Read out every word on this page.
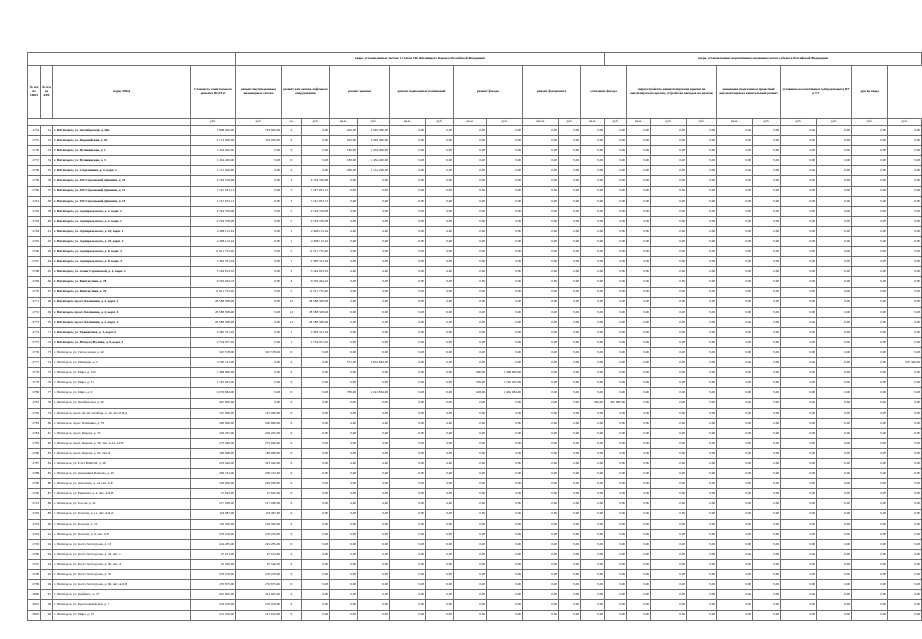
				виды, установленные частью 1 статьи 166 Жилищного Кодекса Российской Федерации												виды, установленные нормативным правовым актом субъекта Российской Федерации									
№ п/п по ПКП	№ п/п по АБТ	Адрес МКД	Стоимость капитального ремонта ВСЕГО	ремонт внутридомовых инженерных систем	ремонт или замена лифтового оборудования		ремонт крыши		ремонт подвальных помещений		ремонт фасада		ремонт фундамента		утепление фасада		(переустройство невентилируемой крыши на вентилируемую крышу, устройство выходов на кровлю			изменение (подготовка) проектной документации на капитальный ремонт		установка коллективных (общедомовых) ПУ и УУ		другие виды	
			руб.	руб.	ед.	руб.	кв.м.	руб.	кв.м.	руб.	кв.м.	руб.	куб.м.	руб.	кв.м.	руб.	кв.м.	руб.	руб.	кв.м.	руб.	руб.	руб.	руб.	руб.
2754	51	г. Пятигорск, ул. Октябрьская, д. 58а	1 898 400,00	763 600,00	0	0,00	200,00	2 595 300,00	0,00	0,00	0,00	0,00	0,00	0,00	0,00	0,00	0,00	0,00	0,00	0,00	0,00	0,00	0,00	0,00	0,00
2755	52	г. Пятигорск, ул. Перенайская, д. 67	2 713 600,00	319 200,00	0	0,00	295,00	2 393 400,00	0,00	0,00	0,00	0,00	0,00	0,00	0,00	0,00	0,00	0,00	0,00	0,00	0,00	0,00	0,00	0,00	0,00
2756	53	г. Пятигорск, ул. Пушкинская, д. 1	1 454 400,00	0,00	0	0,00	180,00	1 454 400,00	0,00	0,00	0,00	0,00	0,00	0,00	0,00	0,00	0,00	0,00	0,00	0,00	0,00	0,00	0,00	0,00	0,00
2757	54	г. Пятигорск, ул. Пушкинская, д. 3	1 454 400,00	0,00	0	0,00	180,00	1 454 400,00	0,00	0,00	0,00	0,00	0,00	0,00	0,00	0,00	0,00	0,00	0,00	0,00	0,00	0,00	0,00	0,00	0,00
2758	55	г. Пятигорск, ул. Спортивная, д. 4, корп. 1	1 131 200,00	0,00	0	0,00	280,00	1 131 200,00	0,00	0,00	0,00	0,00	0,00	0,00	0,00	0,00	0,00	0,00	0,00	0,00	0,00	0,00	0,00	0,00	0,00
2759	56	г. Пятигорск, ул. 295 Стрелковой Дивизии, д. 10	4 794 709,08	0,00	2	4 794 709,08	0,00	0,00	0,00	0,00	0,00	0,00	0,00	0,00	0,00	0,00	0,00	0,00	0,00	0,00	0,00	0,00	0,00	0,00	0,00
2760	57	г. Пятигорск, ул. 295 Стрелковой Дивизии, д. 12	7 147 053,13	0,00	3	7 147 053,13	0,00	0,00	0,00	0,00	0,00	0,00	0,00	0,00	0,00	0,00	0,00	0,00	0,00	0,00	0,00	0,00	0,00	0,00	0,00
2761	58	г. Пятигорск, ул. 295 Стрелковой Дивизии, д. 14	7 147 053,13	0,00	3	7 147 053,13	0,00	0,00	0,00	0,00	0,00	0,00	0,00	0,00	0,00	0,00	0,00	0,00	0,00	0,00	0,00	0,00	0,00	0,00	0,00
2762	59	г. Пятигорск, ул. Адмиральского, д. 2, корп. 2	4 794 709,08	0,00	2	4 794 709,08	0,00	0,00	0,00	0,00	0,00	0,00	0,00	0,00	0,00	0,00	0,00	0,00	0,00	0,00	0,00	0,00	0,00	0,00	0,00
2763	60	г. Пятигорск, ул. Адмиральского, д. 2, корп. 1	4 794 709,08	0,00	2	4 794 709,08	0,00	0,00	0,00	0,00	0,00	0,00	0,00	0,00	0,00	0,00	0,00	0,00	0,00	0,00	0,00	0,00	0,00	0,00	0,00
2764	61	г. Пятигорск, ул. Адмиральского, д. 25, корп. 1	2 468 115,24	0,00	1	2 468 115,24	0,00	0,00	0,00	0,00	0,00	0,00	0,00	0,00	0,00	0,00	0,00	0,00	0,00	0,00	0,00	0,00	0,00	0,00	0,00
2765	62	г. Пятигорск, ул. Адмиральского, д. 25, корп. 2	2 468 115,24	0,00	1	2 468 115,24	0,00	0,00	0,00	0,00	0,00	0,00	0,00	0,00	0,00	0,00	0,00	0,00	0,00	0,00	0,00	0,00	0,00	0,00	0,00
2766	63	г. Пятигорск, ул. Адмиральского, д. 8, корп. 3	11 911 755,20	0,00	5	11 911 755,20	0,00	0,00	0,00	0,00	0,00	0,00	0,00	0,00	0,00	0,00	0,00	0,00	0,00	0,00	0,00	0,00	0,00	0,00	0,00
2767	64	г. Пятигорск, ул. Адмиральского, д. 8, корп. 4	2 382 351,04	0,00	1	2 382 351,04	0,00	0,00	0,00	0,00	0,00	0,00	0,00	0,00	0,00	0,00	0,00	0,00	0,00	0,00	0,00	0,00	0,00	0,00	0,00
2768	65	г. Пятигорск, ул. Алаш Строевской, д. 2, корп. 2	5 164 053,10	0,00	2	5 164 053,10	0,00	0,00	0,00	0,00	0,00	0,00	0,00	0,00	0,00	0,00	0,00	0,00	0,00	0,00	0,00	0,00	0,00	0,00	0,00
2769	66	г. Пятигорск, ул. Бештаучная, д. 78	9 529 404,16	0,00	4	9 529 404,16	0,00	0,00	0,00	0,00	0,00	0,00	0,00	0,00	0,00	0,00	0,00	0,00	0,00	0,00	0,00	0,00	0,00	0,00	0,00
2770	67	г. Пятигорск, ул. Бештаучная, д. 76	11 911 755,20	0,00	5	11 911 755,20	0,00	0,00	0,00	0,00	0,00	0,00	0,00	0,00	0,00	0,00	0,00	0,00	0,00	0,00	0,00	0,00	0,00	0,00	0,00
2771	68	г. Пятигорск, пр-кт. Калинина, д. 2, корп. 3	28 588 308,48	0,00	12	28 588 308,48	0,00	0,00	0,00	0,00	0,00	0,00	0,00	0,00	0,00	0,00	0,00	0,00	0,00	0,00	0,00	0,00	0,00	0,00	0,00
2772	69	г. Пятигорск, пр-кт. Калинина, д. 2, корп. 4	28 588 308,48	0,00	12	28 588 308,48	0,00	0,00	0,00	0,00	0,00	0,00	0,00	0,00	0,00	0,00	0,00	0,00	0,00	0,00	0,00	0,00	0,00	0,00	0,00
2773	70	г. Пятигорск, пр-кт. Калинина, д. 2, корп. 2	28 588 308,48	0,00	12	28 588 308,48	0,00	0,00	0,00	0,00	0,00	0,00	0,00	0,00	0,00	0,00	0,00	0,00	0,00	0,00	0,00	0,00	0,00	0,00	0,00
2774	71	г. Пятигорск, ул. Транзитная, д. 3, корп. 6	2 382 351,04	0,00	1	2 382 351,04	0,00	0,00	0,00	0,00	0,00	0,00	0,00	0,00	0,00	0,00	0,00	0,00	0,00	0,00	0,00	0,00	0,00	0,00	0,00
2775	72	г. Пятигорск, ул. Юлиуса Фучика, д. 8, корп. 2	2 734 057,02	0,00	1	2 734 057,02	0,00	0,00	0,00	0,00	0,00	0,00	0,00	0,00	0,00	0,00	0,00	0,00	0,00	0,00	0,00	0,00	0,00	0,00	0,00
2776	73	г. Пятигорск, ул. Теплосерная, д. 42	325 578,00	325 578,00	0	0,00	0,00	0,00	0,00	0,00	0,00	0,00	0,00	0,00	0,00	0,00	0,00	0,00	0,00	0,00	0,00	0,00	0,00	0,00	0,00
2777	74	г. Пятигорск, ул. Матвеева, д. 3	3 790 313,00	0,00	0	0,00	751,00	2 852 864,00	0,00	0,00	0,00	0,00	0,00	0,00	0,00	0,00	0,00	0,00	0,00	0,00	0,00	0,00	0,00	0,00	937 449,00
2778	75	г. Пятигорск, ул. Мира, д. 134	1 368 800,00	0,00	0	0,00	0,00	0,00	0,00	0,00	580,00	1 368 800,00	0,00	0,00	0,00	0,00	0,00	0,00	0,00	0,00	0,00	0,00	0,00	0,00	0,00
2779	76	г. Пятигорск, ул. Мира, д. 51	1 795 625,00	0,00	0	0,00	0,00	0,00	0,00	0,00	536,00	1 795 625,00	0,00	0,00	0,00	0,00	0,00	0,00	0,00	0,00	0,00	0,00	0,00	0,00	0,00
2780	77	г. Пятигорск, ул. Мира, д. 9	4 676 864,00	0,00	0	0,00	780,00	2 221 864,00	0,00	0,00	428,00	1 462 084,00	0,00	0,00	0,00	0,00	0,00	0,00	0,00	0,00	0,00	0,00	0,00	0,00	0,00
2781	78	г. Пятигорск, ул. Октябрьская, д. 20	467 800,00	0,00	0	0,00	0,00	0,00	0,00	0,00	0,00	0,00	0,00	0,00	300,00	467 800,00	0,00	0,00	0,00	0,00	0,00	0,00	0,00	0,00	0,00
2782	79	г. Пятигорск, пр-кт. 40 лет Октября, д. 10, лит. Б,В,Д	161 060,00	161 060,00	0	0,00	0,00	0,00	0,00	0,00	0,00	0,00	0,00	0,00	0,00	0,00	0,00	0,00	0,00	0,00	0,00	0,00	0,00	0,00	0,00
2783	80	г. Пятигорск, пр-кт. Калинина, д. 79	200 996,00	200 996,00	0	0,00	0,00	0,00	0,00	0,00	0,00	0,00	0,00	0,00	0,00	0,00	0,00	0,00	0,00	0,00	0,00	0,00	0,00	0,00	0,00
2784	81	г. Пятигорск, пр-кт. Кирова, д. 35	226 205,00	226 205,00	0	0,00	0,00	0,00	0,00	0,00	0,00	0,00	0,00	0,00	0,00	0,00	0,00	0,00	0,00	0,00	0,00	0,00	0,00	0,00	0,00
2785	82	г. Пятигорск, пр-кт. Кирова, д. 58, лит. А,А1,А2,В	275 946,00	275 946,00	0	0,00	0,00	0,00	0,00	0,00	0,00	0,00	0,00	0,00	0,00	0,00	0,00	0,00	0,00	0,00	0,00	0,00	0,00	0,00	0,00
2786	83	г. Пятигорск, пр-кт. Кирова, д. 63, лит. Б	180 968,00	180 968,00	0	0,00	0,00	0,00	0,00	0,00	0,00	0,00	0,00	0,00	0,00	0,00	0,00	0,00	0,00	0,00	0,00	0,00	0,00	0,00	0,00
2787	84	г. Пятигорск, ул. 8 лет ВЛКСМ, д. 48	223 440,00	223 440,00	0	0,00	0,00	0,00	0,00	0,00	0,00	0,00	0,00	0,00	0,00	0,00	0,00	0,00	0,00	0,00	0,00	0,00	0,00	0,00	0,00
2788	85	г. Пятигорск, ул. Академика Павлова, д. 20	206 722,00	206 722,00	0	0,00	0,00	0,00	0,00	0,00	0,00	0,00	0,00	0,00	0,00	0,00	0,00	0,00	0,00	0,00	0,00	0,00	0,00	0,00	0,00
2789	86	г. Пятигорск, ул. Антонова, д. 14, лит. А,Б	226 936,00	226 936,00	0	0,00	0,00	0,00	0,00	0,00	0,00	0,00	0,00	0,00	0,00	0,00	0,00	0,00	0,00	0,00	0,00	0,00	0,00	0,00	0,00
2790	87	г. Пятигорск, ул. Брянская, д. 4, лит. А,Б,В	27 645,00	27 645,00	0	0,00	0,00	0,00	0,00	0,00	0,00	0,00	0,00	0,00	0,00	0,00	0,00	0,00	0,00	0,00	0,00	0,00	0,00	0,00	0,00
2791	88	г. Пятигорск, ул. Гоголя, д. 24	217 280,00	217 280,00	0	0,00	0,00	0,00	0,00	0,00	0,00	0,00	0,00	0,00	0,00	0,00	0,00	0,00	0,00	0,00	0,00	0,00	0,00	0,00	0,00
2792	89	г. Пятигорск, ул. Козлова, д. 11, лит. А,Б,Д	118 487,00	118 487,00	0	0,00	0,00	0,00	0,00	0,00	0,00	0,00	0,00	0,00	0,00	0,00	0,00	0,00	0,00	0,00	0,00	0,00	0,00	0,00	0,00
2793	90	г. Пятигорск, ул. Козлова, д. 53	126 500,00	126 500,00	0	0,00	0,00	0,00	0,00	0,00	0,00	0,00	0,00	0,00	0,00	0,00	0,00	0,00	0,00	0,00	0,00	0,00	0,00	0,00	0,00
2794	91	г. Пятигорск, ул. Козлова, д. 9, лит. А,Б	276 476,00	276 476,00	0	0,00	0,00	0,00	0,00	0,00	0,00	0,00	0,00	0,00	0,00	0,00	0,00	0,00	0,00	0,00	0,00	0,00	0,00	0,00	0,00
2795	92	г. Пятигорск, ул. Коста Хетагурова, д. 13	224 285,00	224 285,00	0	0,00	0,00	0,00	0,00	0,00	0,00	0,00	0,00	0,00	0,00	0,00	0,00	0,00	0,00	0,00	0,00	0,00	0,00	0,00	0,00
2796	93	г. Пятигорск, ул. Коста Хетагурова, д. 24, лит. а	27 013,00	27 013,00	0	0,00	0,00	0,00	0,00	0,00	0,00	0,00	0,00	0,00	0,00	0,00	0,00	0,00	0,00	0,00	0,00	0,00	0,00	0,00	0,00
2797	94	г. Пятигорск, ул. Коста Хетагурова, д. 30, лит. А	67 546,00	67 546,00	0	0,00	0,00	0,00	0,00	0,00	0,00	0,00	0,00	0,00	0,00	0,00	0,00	0,00	0,00	0,00	0,00	0,00	0,00	0,00	0,00
2798	95	г. Пятигорск, ул. Коста Хетагурова, д. 35	276 478,00	276 478,00	0	0,00	0,00	0,00	0,00	0,00	0,00	0,00	0,00	0,00	0,00	0,00	0,00	0,00	0,00	0,00	0,00	0,00	0,00	0,00	0,00
2799	96	г. Пятигорск, ул. Коста Хетагурова, д. 60, лит. А,Б,В	276 875,00	276 875,00	0	0,00	0,00	0,00	0,00	0,00	0,00	0,00	0,00	0,00	0,00	0,00	0,00	0,00	0,00	0,00	0,00	0,00	0,00	0,00	0,00
2800	97	г. Пятигорск, ул. Крайнего, д. 37	201 605,00	201 605,00	0	0,00	0,00	0,00	0,00	0,00	0,00	0,00	0,00	0,00	0,00	0,00	0,00	0,00	0,00	0,00	0,00	0,00	0,00	0,00	0,00
2801	98	г. Пятигорск, ул. Красноармейская, д. 7	276 478,00	276 478,00	0	0,00	0,00	0,00	0,00	0,00	0,00	0,00	0,00	0,00	0,00	0,00	0,00	0,00	0,00	0,00	0,00	0,00	0,00	0,00	0,00
2802	99	г. Пятигорск, ул. Мира, д. 53	212 916,00	212 916,00	0	0,00	0,00	0,00	0,00	0,00	0,00	0,00	0,00	0,00	0,00	0,00	0,00	0,00	0,00	0,00	0,00	0,00	0,00	0,00	0,00
